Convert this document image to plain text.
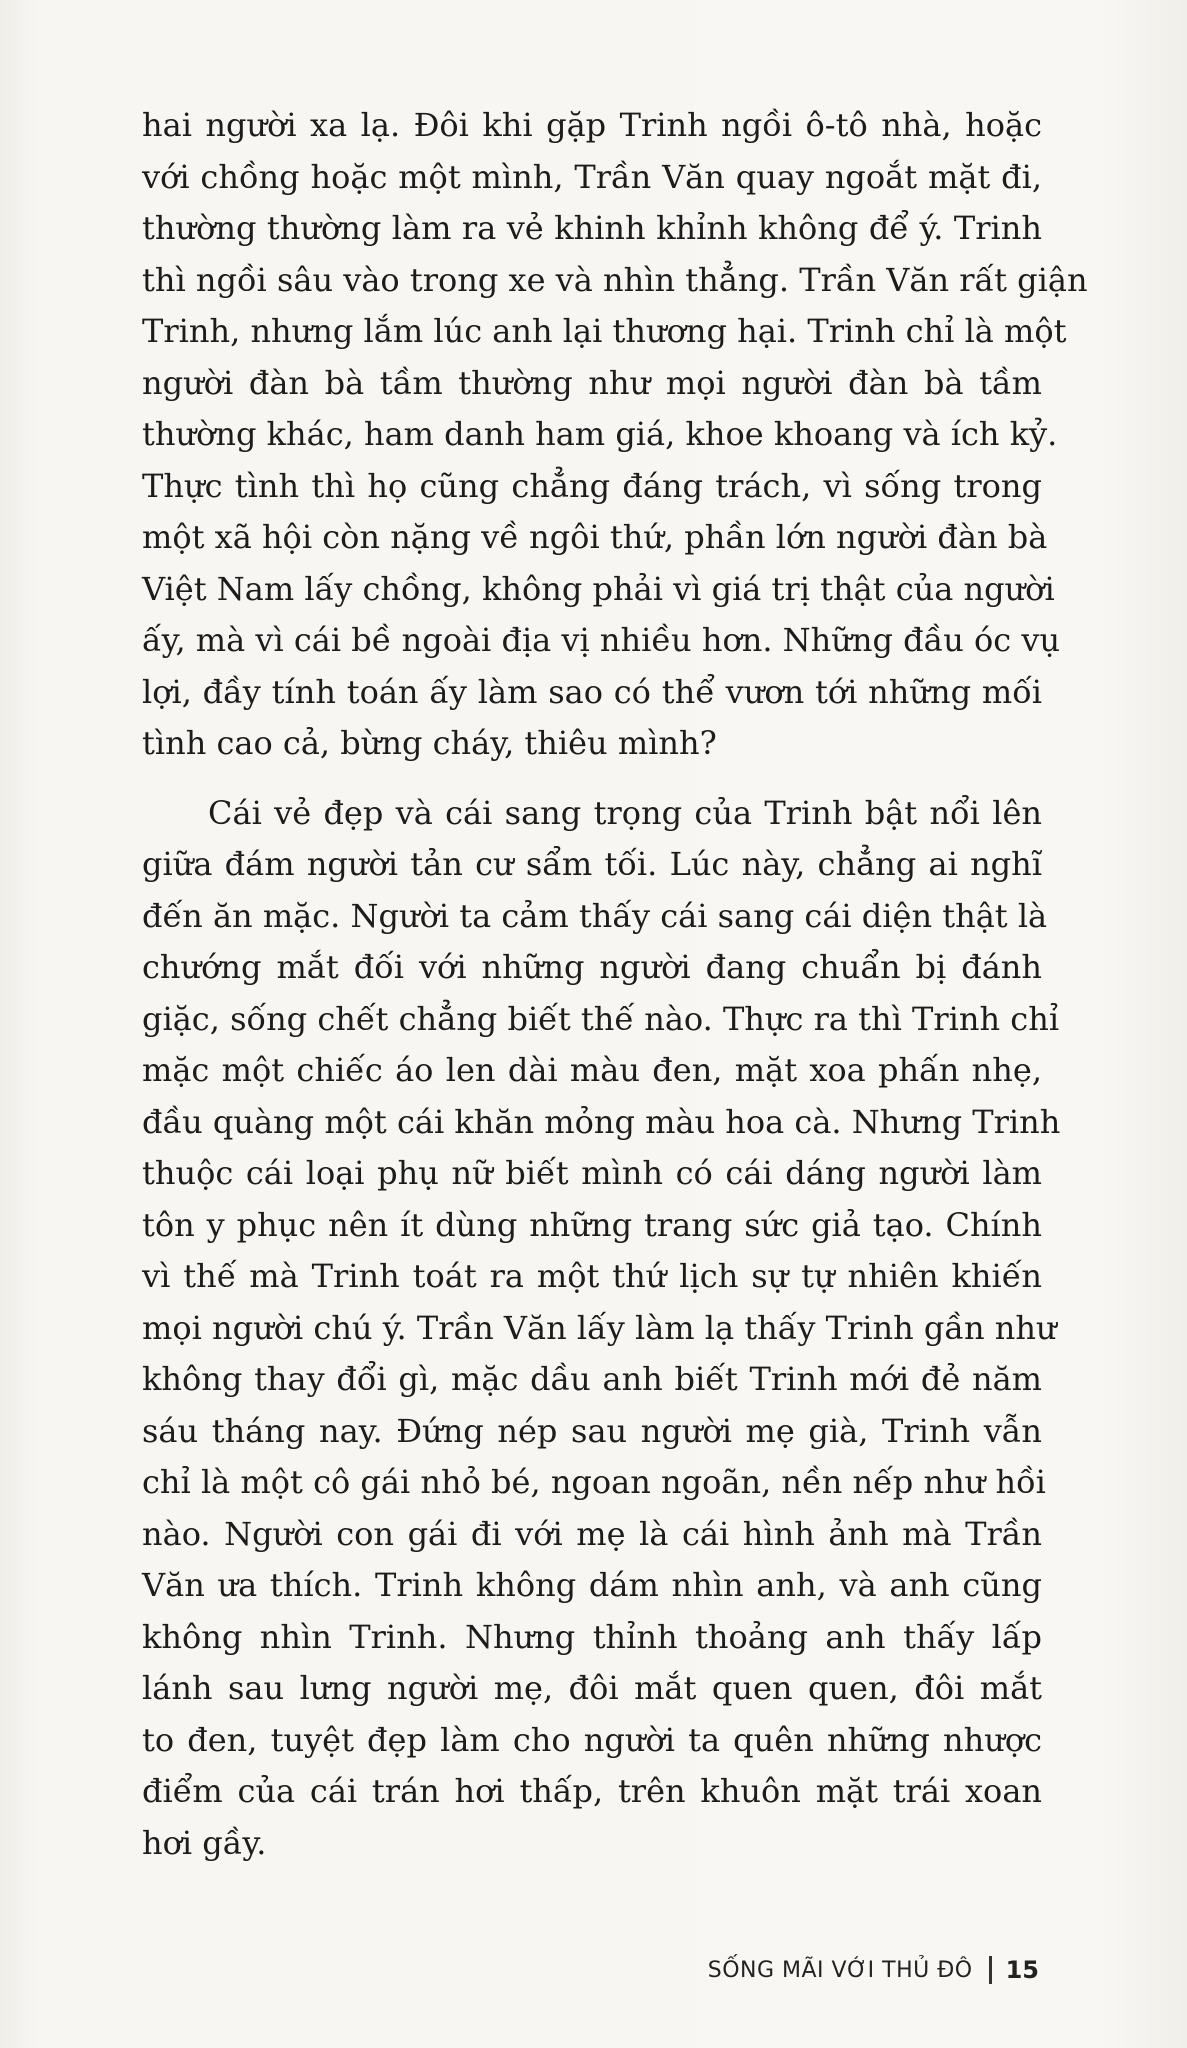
hai người xa lạ. Đôi khi gặp Trinh ngồi ô-tô nhà, hoặc
với chồng hoặc một mình, Trần Văn quay ngoắt mặt đi,
thường thường làm ra vẻ khinh khỉnh không để ý. Trinh
thì ngồi sâu vào trong xe và nhìn thẳng. Trần Văn rất giận
Trinh, nhưng lắm lúc anh lại thương hại. Trinh chỉ là một
người đàn bà tầm thường như mọi người đàn bà tầm
thường khác, ham danh ham giá, khoe khoang và ích kỷ.
Thực tình thì họ cũng chẳng đáng trách, vì sống trong
một xã hội còn nặng về ngôi thứ, phần lớn người đàn bà
Việt Nam lấy chồng, không phải vì giá trị thật của người
ấy, mà vì cái bề ngoài địa vị nhiều hơn. Những đầu óc vụ
lợi, đầy tính toán ấy làm sao có thể vươn tới những mối
tình cao cả, bừng cháy, thiêu mình?
Cái vẻ đẹp và cái sang trọng của Trinh bật nổi lên
giữa đám người tản cư sẩm tối. Lúc này, chẳng ai nghĩ
đến ăn mặc. Người ta cảm thấy cái sang cái diện thật là
chướng mắt đối với những người đang chuẩn bị đánh
giặc, sống chết chẳng biết thế nào. Thực ra thì Trinh chỉ
mặc một chiếc áo len dài màu đen, mặt xoa phấn nhẹ,
đầu quàng một cái khăn mỏng màu hoa cà. Nhưng Trinh
thuộc cái loại phụ nữ biết mình có cái dáng người làm
tôn y phục nên ít dùng những trang sức giả tạo. Chính
vì thế mà Trinh toát ra một thứ lịch sự tự nhiên khiến
mọi người chú ý. Trần Văn lấy làm lạ thấy Trinh gần như
không thay đổi gì, mặc dầu anh biết Trinh mới đẻ năm
sáu tháng nay. Đứng nép sau người mẹ già, Trinh vẫn
chỉ là một cô gái nhỏ bé, ngoan ngoãn, nền nếp như hồi
nào. Người con gái đi với mẹ là cái hình ảnh mà Trần
Văn ưa thích. Trinh không dám nhìn anh, và anh cũng
không nhìn Trinh. Nhưng thỉnh thoảng anh thấy lấp
lánh sau lưng người mẹ, đôi mắt quen quen, đôi mắt
to đen, tuyệt đẹp làm cho người ta quên những nhược
điểm của cái trán hơi thấp, trên khuôn mặt trái xoan
hơi gầy.
SỐNG MÃI VỚI THỦ ĐÔ 15
